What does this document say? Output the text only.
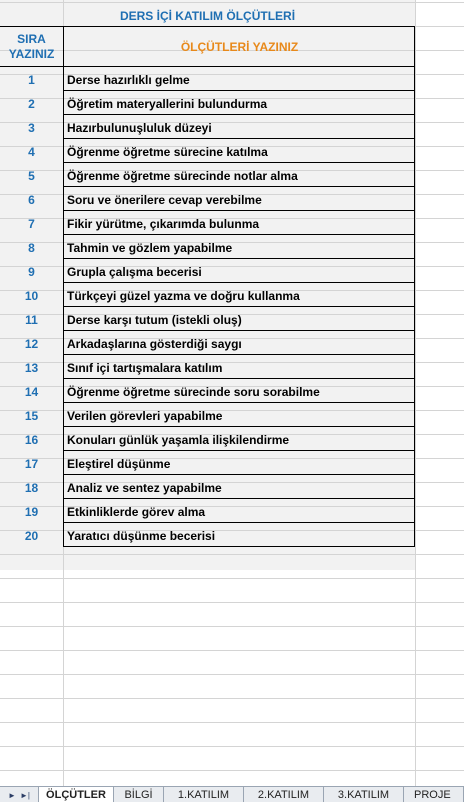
DERS İÇİ KATILIM ÖLÇÜTLERİ
SIRA
YAZINIZ	ÖLÇÜTLERİ YAZINIZ
1	Derse hazırlıklı gelme
2	Öğretim materyallerini bulundurma
3	Hazırbulunuşluluk düzeyi
4	Öğrenme öğretme sürecine katılma
5	Öğrenme öğretme sürecinde notlar alma
6	Soru ve önerilere cevap verebilme
7	Fikir yürütme, çıkarımda bulunma
8	Tahmin ve gözlem yapabilme
9	Grupla çalışma becerisi
10	Türkçeyi güzel yazma ve doğru kullanma
11	Derse karşı tutum (istekli oluş)
12	Arkadaşlarına gösterdiği saygı
13	Sınıf içi tartışmalara katılım
14	Öğrenme öğretme sürecinde soru sorabilme
15	Verilen görevleri yapabilme
16	Konuları günlük yaşamla ilişkilendirme
17	Eleştirel düşünme
18	Analiz ve sentez yapabilme
19	Etkinliklerde görev alma
20	Yaratıcı düşünme becerisi
► ►|	ÖLÇÜTLER	BİLGİ	1.KATILIM	2.KATILIM	3.KATILIM	PROJE
